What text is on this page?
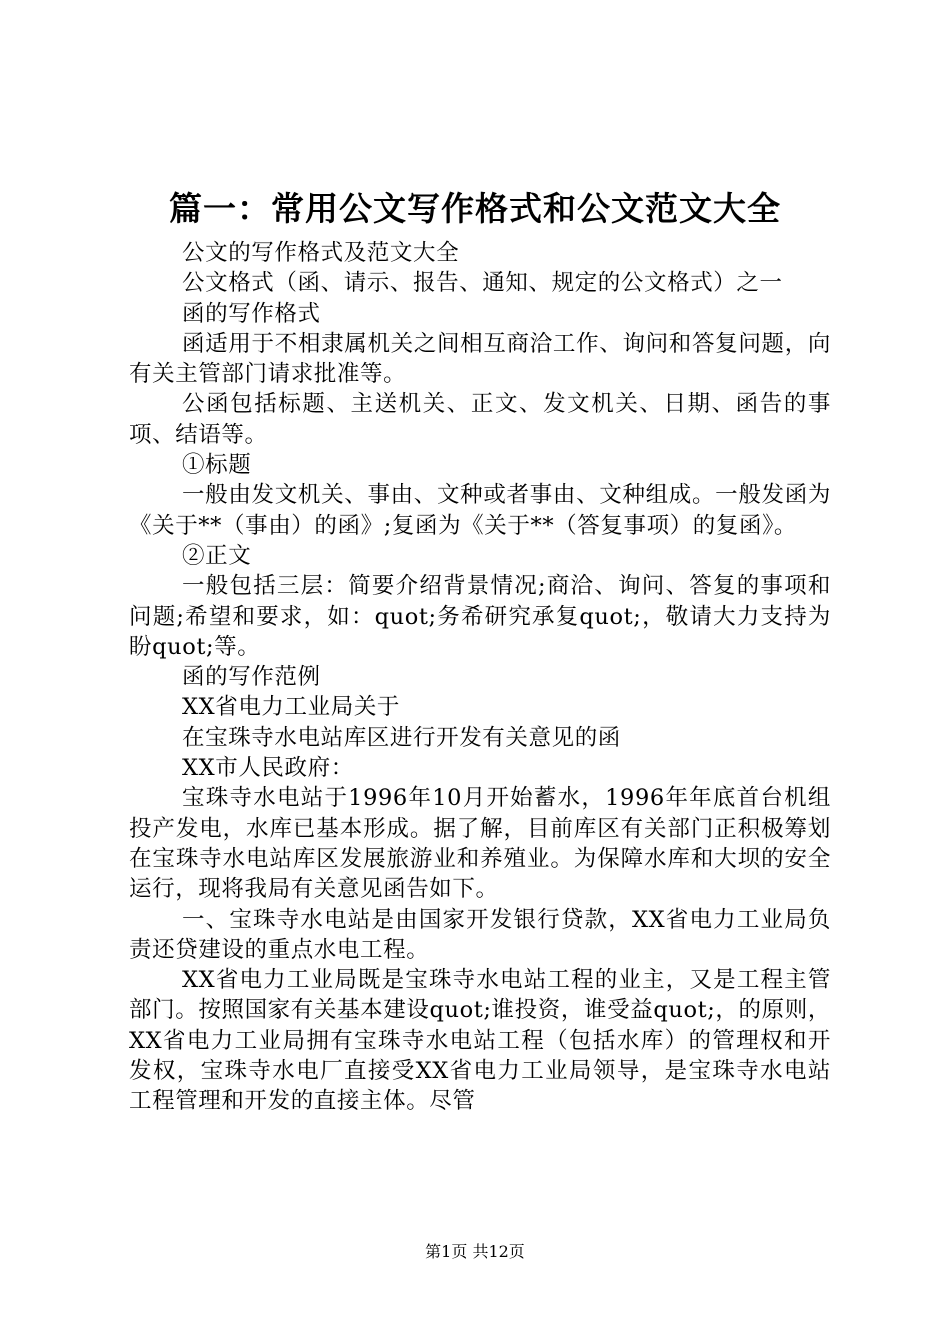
篇一：常用公文写作格式和公文范文大全

公文的写作格式及范文大全

公文格式（函、请示、报告、通知、规定的公文格式）之一

函的写作格式

函适用于不相隶属机关之间相互商洽工作、询问和答复问题，向有关主管部门请求批准等。

公函包括标题、主送机关、正文、发文机关、日期、函告的事项、结语等。

①标题

一般由发文机关、事由、文种或者事由、文种组成。一般发函为《关于**（事由）的函》;复函为《关于**（答复事项）的复函》。

②正文

一般包括三层：简要介绍背景情况;商洽、询问、答复的事项和问题;希望和要求，如：quot;务希研究承复quot;，敬请大力支持为盼quot;等。

函的写作范例

XX省电力工业局关于

在宝珠寺水电站库区进行开发有关意见的函

XX市人民政府：

宝珠寺水电站于1996年10月开始蓄水，1996年年底首台机组投产发电，水库已基本形成。据了解，目前库区有关部门正积极筹划在宝珠寺水电站库区发展旅游业和养殖业。为保障水库和大坝的安全运行，现将我局有关意见函告如下。

一、宝珠寺水电站是由国家开发银行贷款，XX省电力工业局负责还贷建设的重点水电工程。

XX省电力工业局既是宝珠寺水电站工程的业主，又是工程主管部门。按照国家有关基本建设quot;谁投资，谁受益quot;，的原则，XX省电力工业局拥有宝珠寺水电站工程（包括水库）的管理权和开发权，宝珠寺水电厂直接受XX省电力工业局领导，是宝珠寺水电站工程管理和开发的直接主体。尽管

第1页 共12页
